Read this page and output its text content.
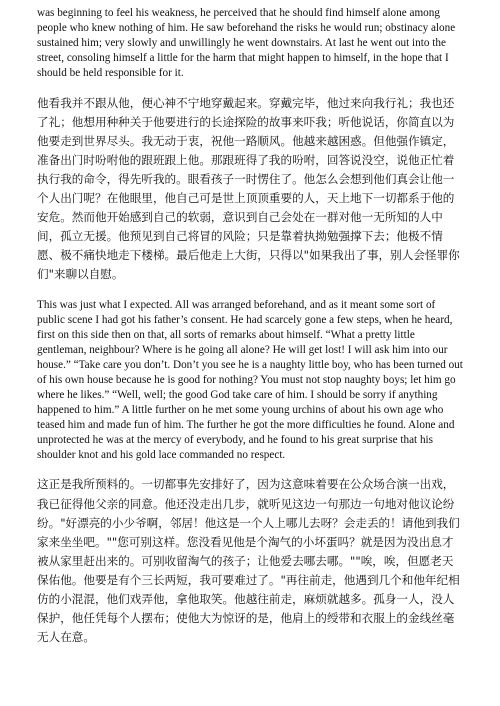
was beginning to feel his weakness, he perceived that he should find himself alone among people who knew nothing of him. He saw beforehand the risks he would run; obstinacy alone sustained him; very slowly and unwillingly he went downstairs. At last he went out into the street, consoling himself a little for the harm that might happen to himself, in the hope that I should be held responsible for it.

他看我并不跟从他，便心神不宁地穿戴起来。穿戴完毕，他过来向我行礼；我也还了礼；他想用种种关于他要进行的长途探险的故事来吓我；听他说话，你简直以为他要走到世界尽头。我无动于衷，祝他一路顺风。他越来越困惑。但他强作镇定，准备出门时吩咐他的跟班跟上他。那跟班得了我的吩咐，回答说没空，说他正忙着执行我的命令，得先听我的。眼看孩子一时愣住了。他怎么会想到他们真会让他一个人出门呢？在他眼里，他自己可是世上顶顶重要的人，天上地下一切都系于他的安危。然而他开始感到自己的软弱，意识到自己会处在一群对他一无所知的人中间，孤立无援。他预见到自己将冒的风险；只是靠着执拗勉强撑下去；他极不情愿、极不痛快地走下楼梯。最后他走上大街，只得以"如果我出了事，别人会怪罪你们"来聊以自慰。

This was just what I expected. All was arranged beforehand, and as it meant some sort of public scene I had got his father’s consent. He had scarcely gone a few steps, when he heard, first on this side then on that, all sorts of remarks about himself. “What a pretty little gentleman, neighbour? Where is he going all alone? He will get lost! I will ask him into our house.” “Take care you don’t. Don’t you see he is a naughty little boy, who has been turned out of his own house because he is good for nothing? You must not stop naughty boys; let him go where he likes.” “Well, well; the good God take care of him. I should be sorry if anything happened to him.” A little further on he met some young urchins of about his own age who teased him and made fun of him. The further he got the more difficulties he found. Alone and unprotected he was at the mercy of everybody, and he found to his great surprise that his shoulder knot and his gold lace commanded no respect.

这正是我所预料的。一切都事先安排好了，因为这意味着要在公众场合演一出戏，我已征得他父亲的同意。他还没走出几步，就听见这边一句那边一句地对他议论纷纷。"好漂亮的小少爷啊，邻居！他这是一个人上哪儿去呀？会走丢的！请他到我们家来坐坐吧。""您可别这样。您没看见他是个淘气的小坏蛋吗？就是因为没出息才被从家里赶出来的。可别收留淘气的孩子；让他爱去哪去哪。""唉，唉，但愿老天保佑他。他要是有个三长两短，我可要难过了。"再往前走，他遇到几个和他年纪相仿的小混混，他们戏弄他，拿他取笑。他越往前走，麻烦就越多。孤身一人，没人保护，他任凭每个人摆布；使他大为惊讶的是，他肩上的绶带和衣服上的金线丝毫无人在意。
